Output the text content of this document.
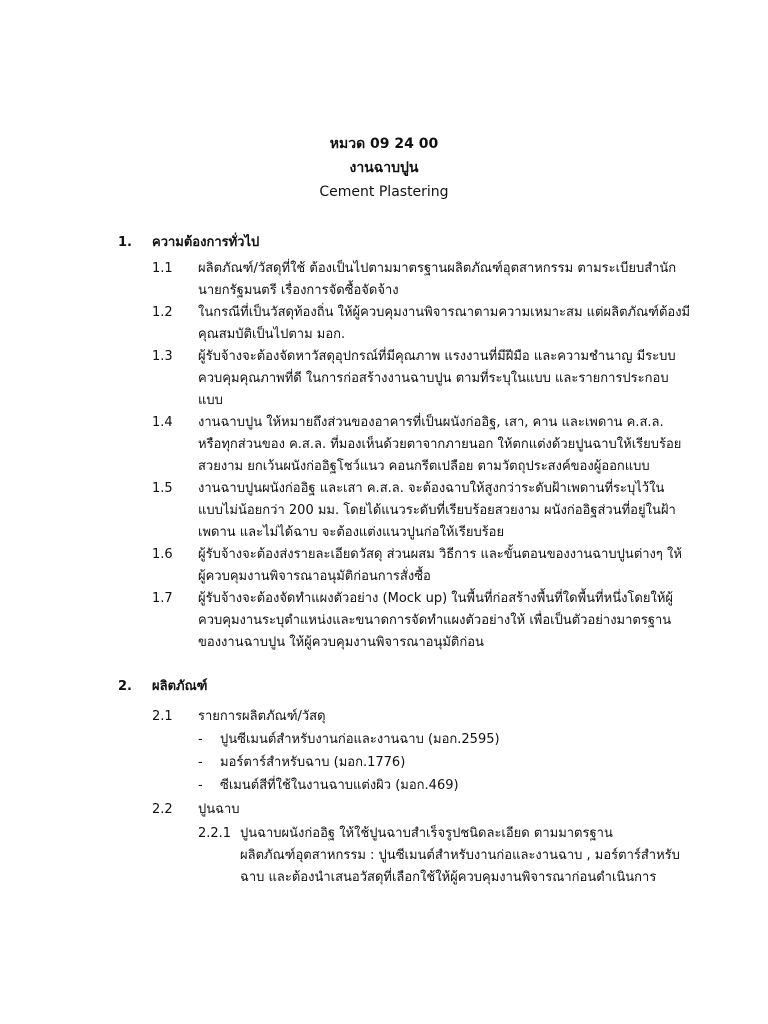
หมวด 09 24 00
งานฉาบปูน
Cement Plastering
1. ความต้องการทั่วไป
1.1 ผลิตภัณฑ์/วัสดุที่ใช้ ต้องเป็นไปตามมาตรฐานผลิตภัณฑ์อุตสาหกรรม ตามระเบียบสำนัก
นายกรัฐมนตรี เรื่องการจัดซื้อจัดจ้าง
1.2 ในกรณีที่เป็นวัสดุท้องถิ่น ให้ผู้ควบคุมงานพิจารณาตามความเหมาะสม แต่ผลิตภัณฑ์ต้องมี
คุณสมบัติเป็นไปตาม มอก.
1.3 ผู้รับจ้างจะต้องจัดหาวัสดุอุปกรณ์ที่มีคุณภาพ แรงงานที่มีฝีมือ และความชำนาญ มีระบบ
ควบคุมคุณภาพที่ดี ในการก่อสร้างงานฉาบปูน ตามที่ระบุในแบบ และรายการประกอบ
แบบ
1.4 งานฉาบปูน ให้หมายถึงส่วนของอาคารที่เป็นผนังก่ออิฐ, เสา, คาน และเพดาน ค.ส.ล.
หรือทุกส่วนของ ค.ส.ล. ที่มองเห็นด้วยตาจากภายนอก ให้ตกแต่งด้วยปูนฉาบให้เรียบร้อย
สวยงาม ยกเว้นผนังก่ออิฐโชว์แนว คอนกรีตเปลือย ตามวัตถุประสงค์ของผู้ออกแบบ
1.5 งานฉาบปูนผนังก่ออิฐ และเสา ค.ส.ล. จะต้องฉาบให้สูงกว่าระดับฝ้าเพดานที่ระบุไว้ใน
แบบไม่น้อยกว่า 200 มม. โดยได้แนวระดับที่เรียบร้อยสวยงาม ผนังก่ออิฐส่วนที่อยู่ในฝ้า
เพดาน และไม่ได้ฉาบ จะต้องแต่งแนวปูนก่อให้เรียบร้อย
1.6 ผู้รับจ้างจะต้องส่งรายละเอียดวัสดุ ส่วนผสม วิธีการ และขั้นตอนของงานฉาบปูนต่างๆ ให้
ผู้ควบคุมงานพิจารณาอนุมัติก่อนการสั่งซื้อ
1.7 ผู้รับจ้างจะต้องจัดทำแผงตัวอย่าง (Mock up) ในพื้นที่ก่อสร้างพื้นที่ใดพื้นที่หนึ่งโดยให้ผู้
ควบคุมงานระบุตำแหน่งและขนาดการจัดทำแผงตัวอย่างให้ เพื่อเป็นตัวอย่างมาตรฐาน
ของงานฉาบปูน ให้ผู้ควบคุมงานพิจารณาอนุมัติก่อน
2. ผลิตภัณฑ์
2.1 รายการผลิตภัณฑ์/วัสดุ
- ปูนซีเมนต์สำหรับงานก่อและงานฉาบ (มอก.2595)
- มอร์ตาร์สำหรับฉาบ (มอก.1776)
- ซีเมนต์สีที่ใช้ในงานฉาบแต่งผิว (มอก.469)
2.2 ปูนฉาบ
2.2.1 ปูนฉาบผนังก่ออิฐ ให้ใช้ปูนฉาบสำเร็จรูปชนิดละเอียด ตามมาตรฐาน
ผลิตภัณฑ์อุตสาหกรรม : ปูนซีเมนต์สำหรับงานก่อและงานฉาบ , มอร์ตาร์สำหรับ
ฉาบ และต้องนำเสนอวัสดุที่เลือกใช้ให้ผู้ควบคุมงานพิจารณาก่อนดำเนินการ
